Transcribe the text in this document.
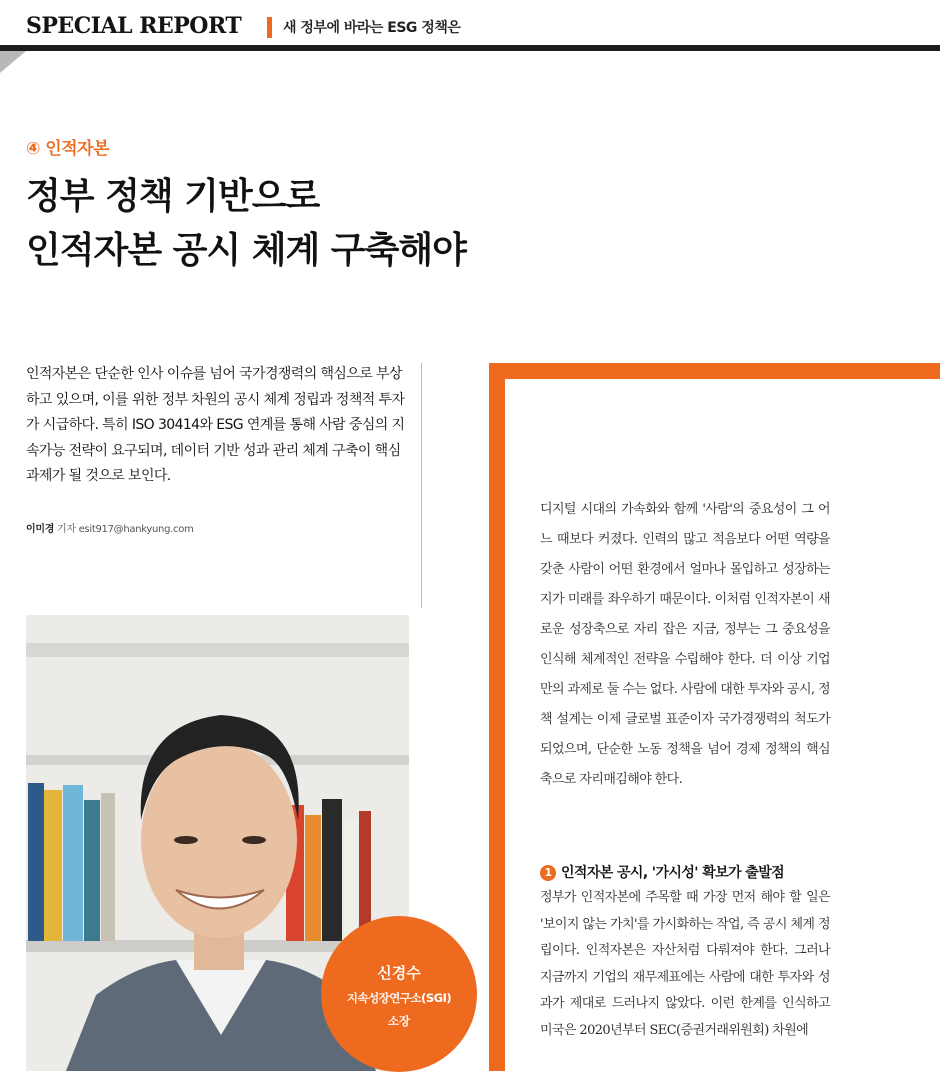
SPECIAL REPORT	새 정부에 바라는 ESG 정책은
④ 인적자본
정부 정책 기반으로
인적자본 공시 체계 구축해야
인적자본은 단순한 인사 이슈를 넘어 국가경쟁력의 핵심으로 부상하고 있으며, 이를 위한 정부 차원의 공시 체계 정립과 정책적 투자가 시급하다. 특히 ISO 30414와 ESG 연계를 통해 사람 중심의 지속가능 전략이 요구되며, 데이터 기반 성과 관리 체계 구축이 핵심 과제가 될 것으로 보인다.
이미경 기자 esit917@hankyung.com
신경수
지속성장연구소(SGI)
소장

디지털 시대의 가속화와 함께 '사람'의 중요성이 그 어느 때보다 커졌다. 인력의 많고 적음보다 어떤 역량을 갖춘 사람이 어떤 환경에서 얼마나 몰입하고 성장하는지가 미래를 좌우하기 때문이다. 이처럼 인적자본이 새로운 성장축으로 자리 잡은 지금, 정부는 그 중요성을 인식해 체계적인 전략을 수립해야 한다. 더 이상 기업만의 과제로 둘 수는 없다. 사람에 대한 투자와 공시, 정책 설계는 이제 글로벌 표준이자 국가경쟁력의 척도가 되었으며, 단순한 노동 정책을 넘어 경제 정책의 핵심축으로 자리매김해야 한다.

1 인적자본 공시, '가시성' 확보가 출발점
정부가 인적자본에 주목할 때 가장 먼저 해야 할 일은 '보이지 않는 가치'를 가시화하는 작업, 즉 공시 체계 정립이다. 인적자본은 자산처럼 다뤄져야 한다. 그러나 지금까지 기업의 재무제표에는 사람에 대한 투자와 성과가 제대로 드러나지 않았다. 이런 한계를 인식하고 미국은 2020년부터 SEC(증권거래위원회) 차원에
